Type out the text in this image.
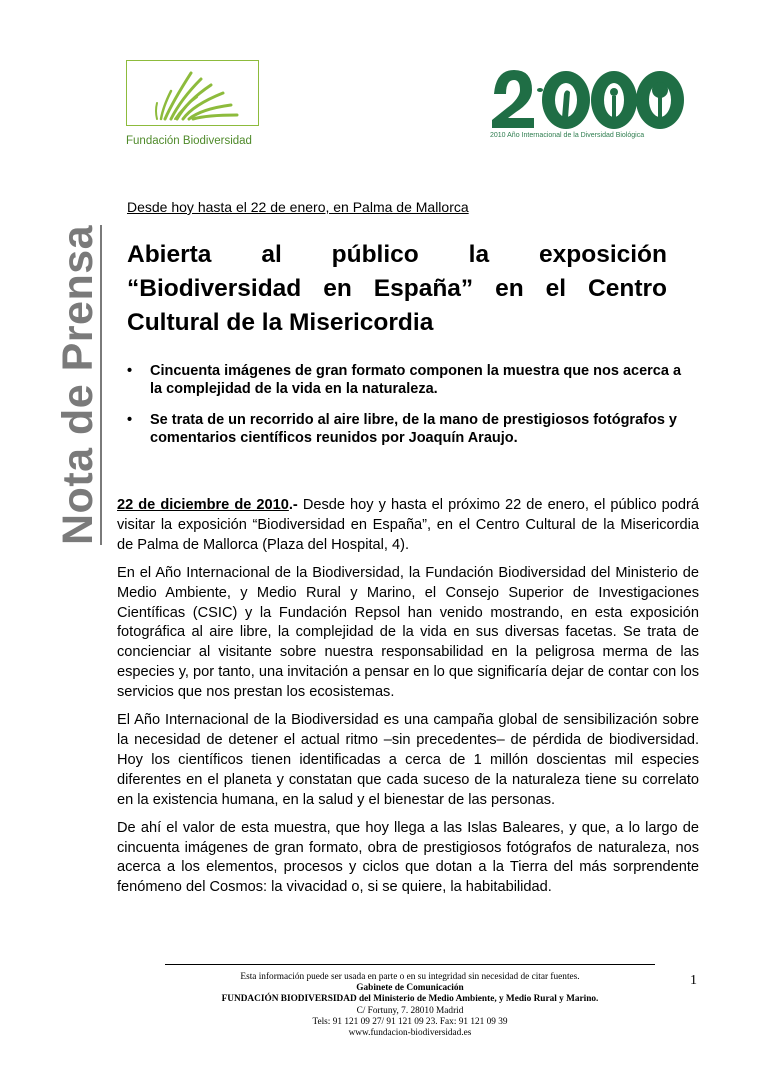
Fundación Biodiversidad	2010 Año Internacional de la Diversidad Biológica
Nota de Prensa
Desde hoy hasta el 22 de enero, en Palma de Mallorca
Abierta al público la exposición “Biodiversidad en España” en el Centro Cultural de la Misericordia
• Cincuenta imágenes de gran formato componen la muestra que nos acerca a la complejidad de la vida en la naturaleza.
• Se trata de un recorrido al aire libre, de la mano de prestigiosos fotógrafos y comentarios científicos reunidos por Joaquín Araujo.

22 de diciembre de 2010.- Desde hoy y hasta el próximo 22 de enero, el público podrá visitar la exposición “Biodiversidad en España”, en el Centro Cultural de la Misericordia de Palma de Mallorca (Plaza del Hospital, 4).

En el Año Internacional de la Biodiversidad, la Fundación Biodiversidad del Ministerio de Medio Ambiente, y Medio Rural y Marino, el Consejo Superior de Investigaciones Científicas (CSIC) y la Fundación Repsol han venido mostrando, en esta exposición fotográfica al aire libre, la complejidad de la vida en sus diversas facetas. Se trata de concienciar al visitante sobre nuestra responsabilidad en la peligrosa merma de las especies y, por tanto, una invitación a pensar en lo que significaría dejar de contar con los servicios que nos prestan los ecosistemas.

El Año Internacional de la Biodiversidad es una campaña global de sensibilización sobre la necesidad de detener el actual ritmo –sin precedentes– de pérdida de biodiversidad. Hoy los científicos tienen identificadas a cerca de 1 millón doscientas mil especies diferentes en el planeta y constatan que cada suceso de la naturaleza tiene su correlato en la existencia humana, en la salud y el bienestar de las personas.

De ahí el valor de esta muestra, que hoy llega a las Islas Baleares, y que, a lo largo de cincuenta imágenes de gran formato, obra de prestigiosos fotógrafos de naturaleza, nos acerca a los elementos, procesos y ciclos que dotan a la Tierra del más sorprendente fenómeno del Cosmos: la vivacidad o, si se quiere, la habitabilidad.

Esta información puede ser usada en parte o en su integridad sin necesidad de citar fuentes.
Gabinete de Comunicación
FUNDACIÓN BIODIVERSIDAD del Ministerio de Medio Ambiente, y Medio Rural y Marino.
C/ Fortuny, 7. 28010 Madrid
Tels: 91 121 09 27/ 91 121 09 23. Fax: 91 121 09 39
www.fundacion-biodiversidad.es
1
